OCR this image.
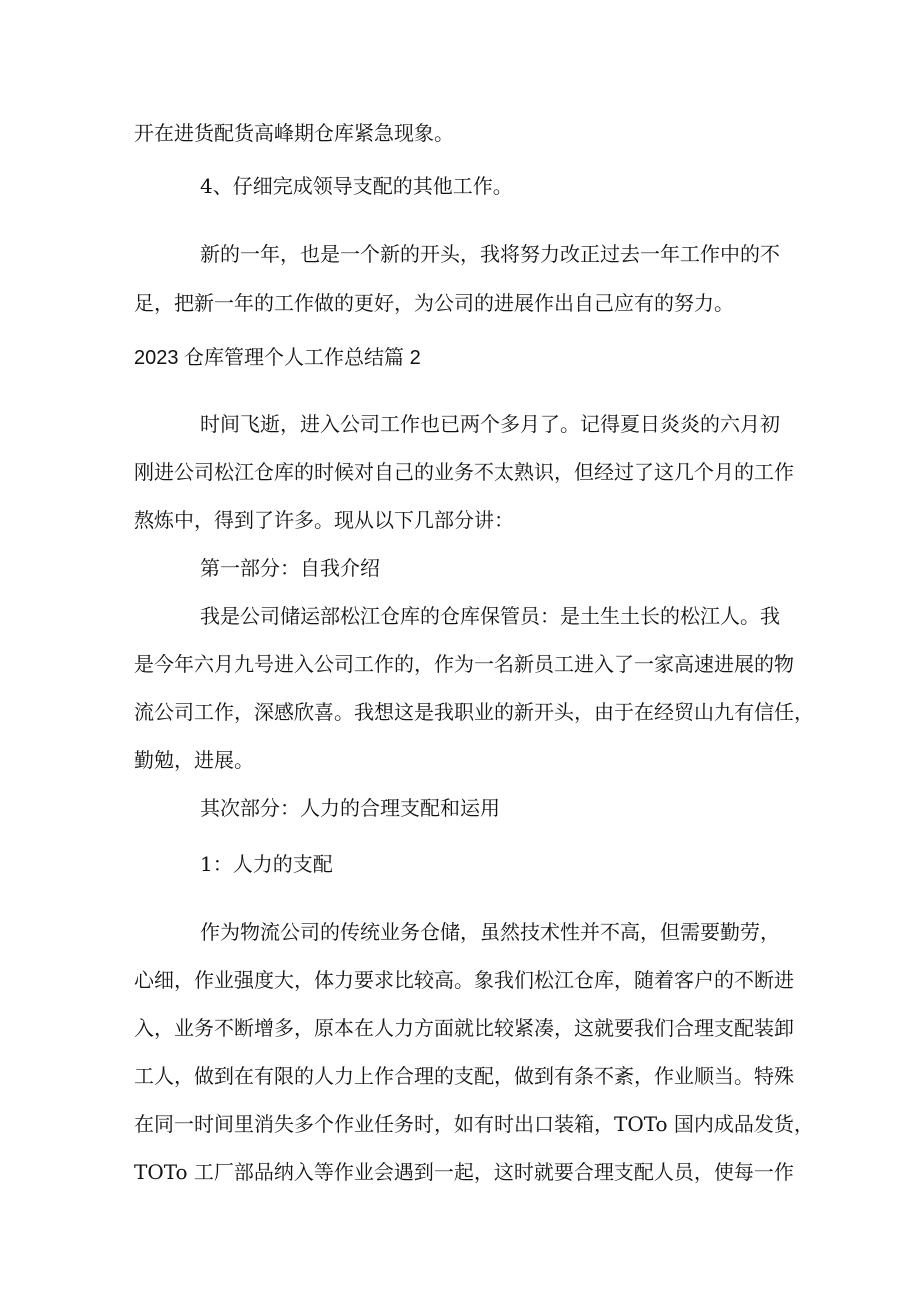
开在进货配货高峰期仓库紧急现象。
4、仔细完成领导支配的其他工作。
新的一年，也是一个新的开头，我将努力改正过去一年工作中的不
足，把新一年的工作做的更好，为公司的进展作出自己应有的努力。
2023 仓库管理个人工作总结篇 2
时间飞逝，进入公司工作也已两个多月了。记得夏日炎炎的六月初
刚进公司松江仓库的时候对自己的业务不太熟识，但经过了这几个月的工作
熬炼中，得到了许多。现从以下几部分讲：
第一部分：自我介绍
我是公司储运部松江仓库的仓库保管员：是土生土长的松江人。我
是今年六月九号进入公司工作的，作为一名新员工进入了一家高速进展的物
流公司工作，深感欣喜。我想这是我职业的新开头，由于在经贸山九有信任，
勤勉，进展。
其次部分：人力的合理支配和运用
1：人力的支配
作为物流公司的传统业务仓储，虽然技术性并不高，但需要勤劳，
心细，作业强度大，体力要求比较高。象我们松江仓库，随着客户的不断进
入，业务不断增多，原本在人力方面就比较紧凑，这就要我们合理支配装卸
工人，做到在有限的人力上作合理的支配，做到有条不紊，作业顺当。特殊
在同一时间里消失多个作业任务时，如有时出口装箱，TOTo 国内成品发货，
TOTo 工厂部品纳入等作业会遇到一起，这时就要合理支配人员，使每一作
